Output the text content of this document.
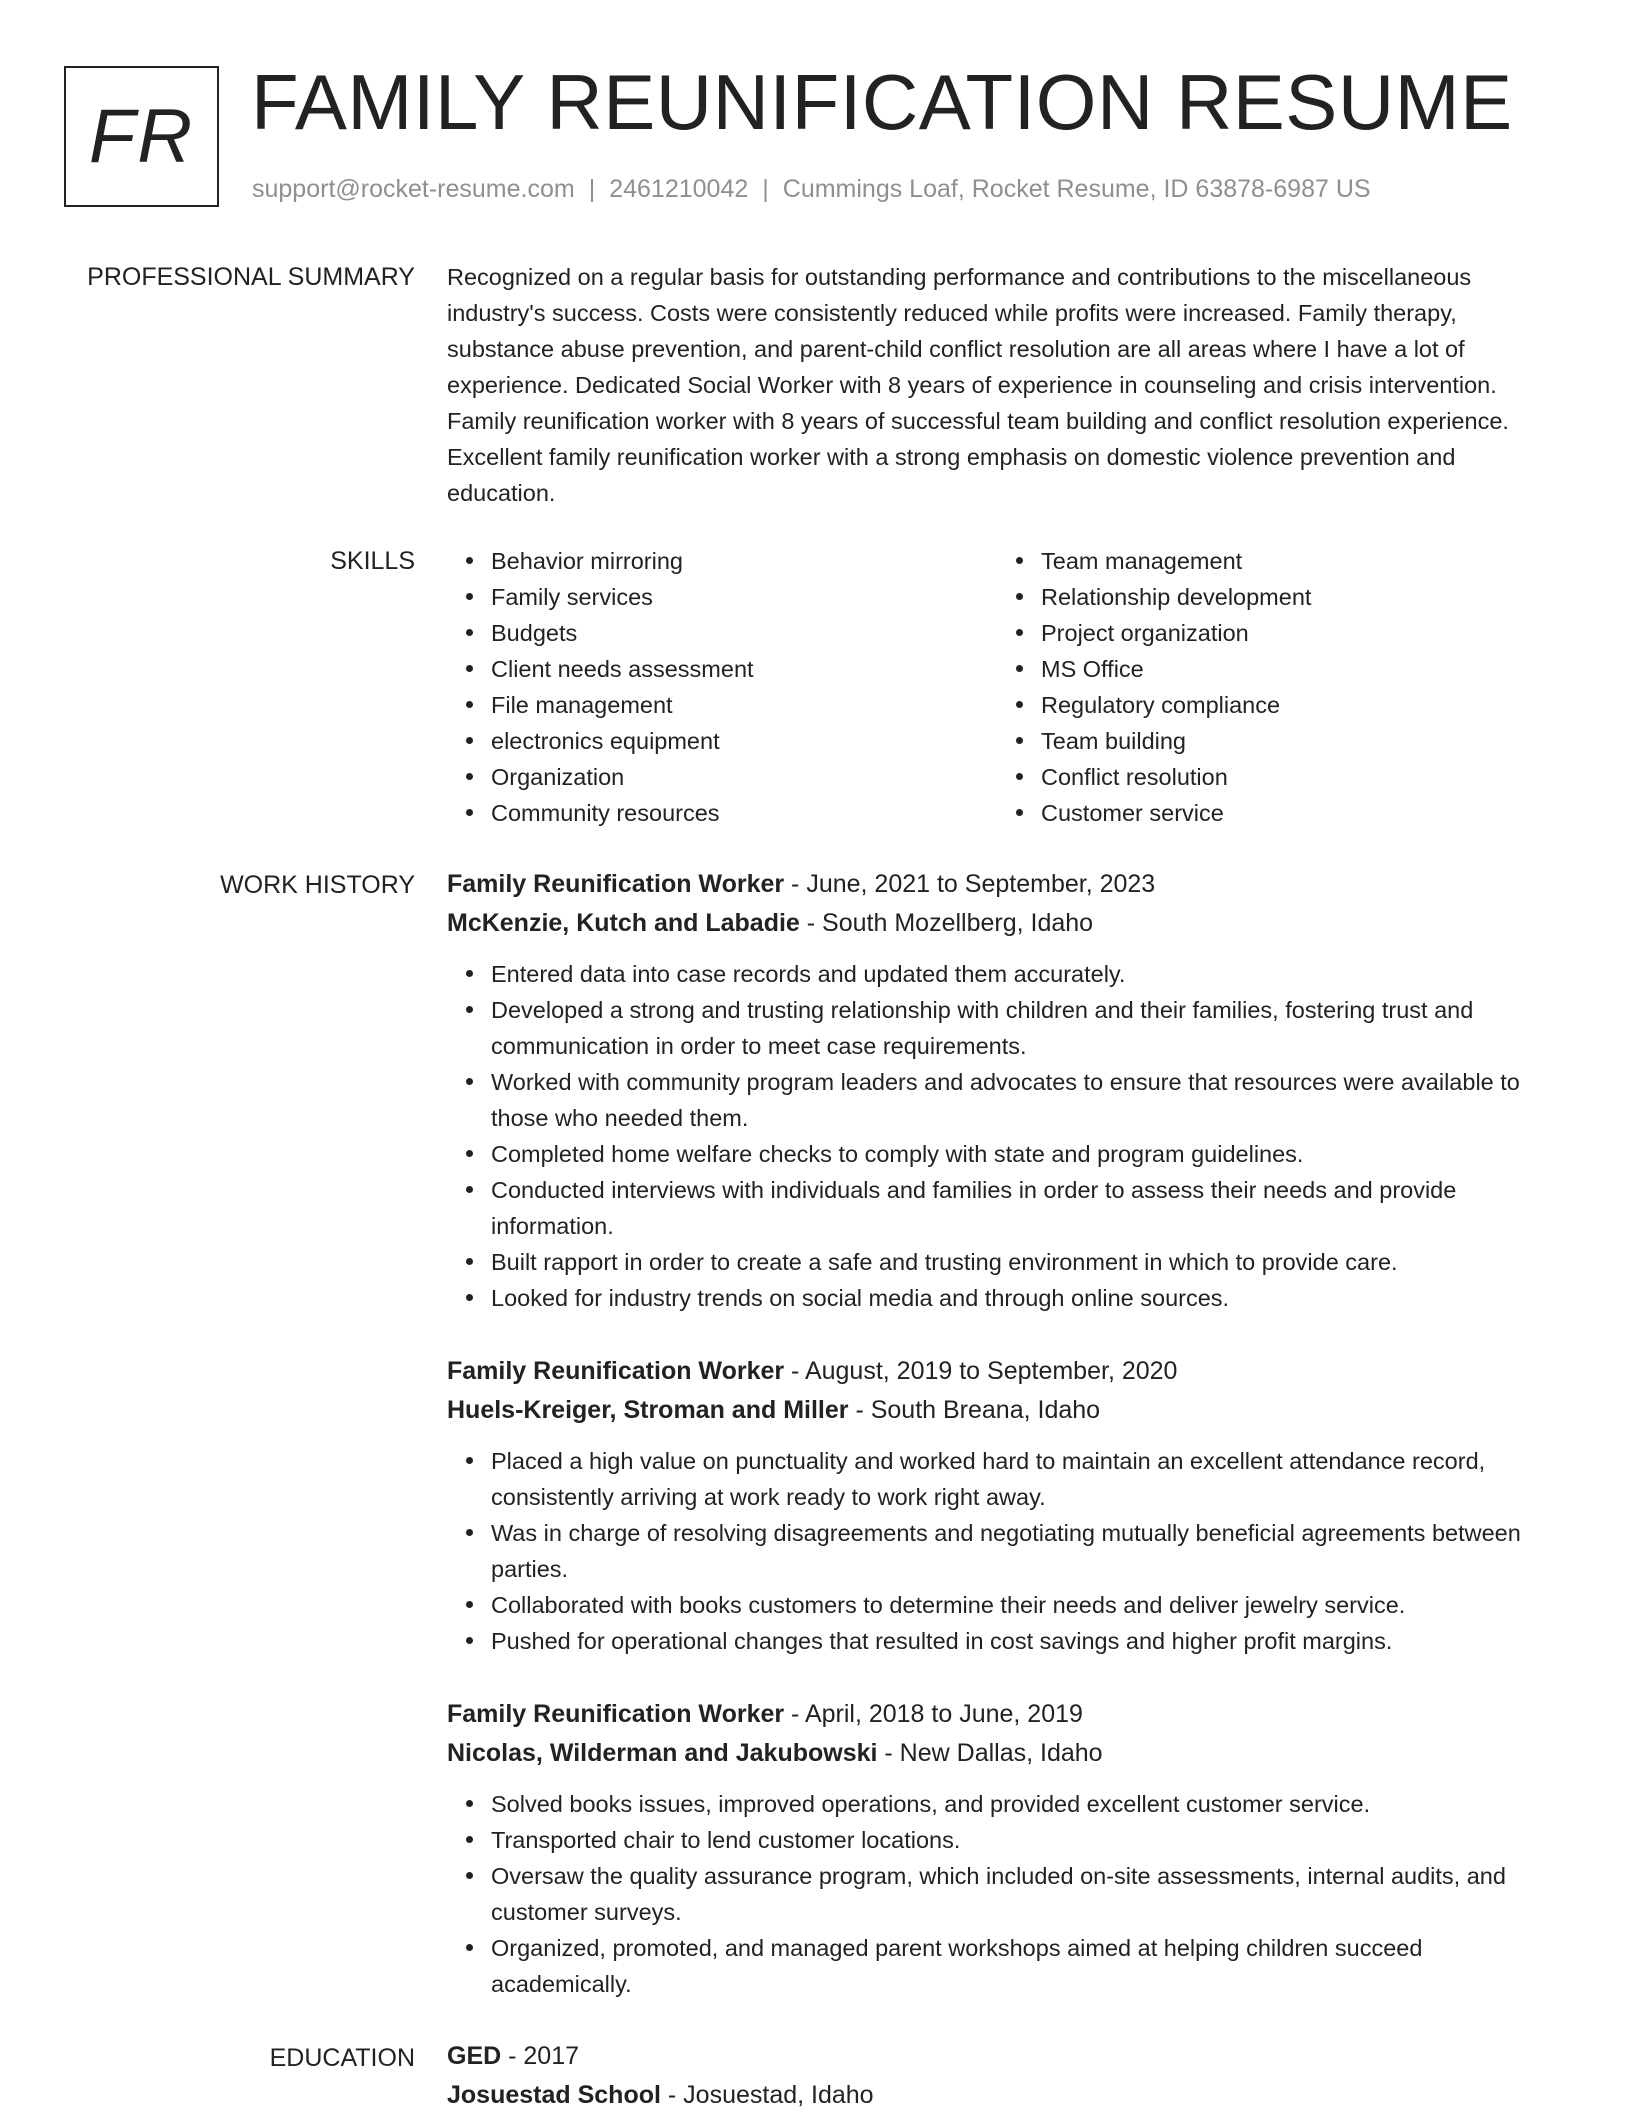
FR FAMILY REUNIFICATION RESUME
support@rocket-resume.com | 2461210042 | Cummings Loaf, Rocket Resume, ID 63878-6987 US
PROFESSIONAL SUMMARY Recognized on a regular basis for outstanding performance and contributions to the miscellaneous industry's success. Costs were consistently reduced while profits were increased. Family therapy, substance abuse prevention, and parent-child conflict resolution are all areas where I have a lot of experience. Dedicated Social Worker with 8 years of experience in counseling and crisis intervention. Family reunification worker with 8 years of successful team building and conflict resolution experience. Excellent family reunification worker with a strong emphasis on domestic violence prevention and education.

SKILLS	Behavior mirroring
Family services
Budgets
Client needs assessment
File management
electronics equipment
Organization
Community resources
Team management
Relationship development
Project organization
MS Office
Regulatory compliance
Team building
Conflict resolution
Customer service
WORK HISTORY Family Reunification Worker - June, 2021 to September, 2023
McKenzie, Kutch and Labadie - South Mozellberg, Idaho
Entered data into case records and updated them accurately.
Developed a strong and trusting relationship with children and their families, fostering trust and communication in order to meet case requirements.
Worked with community program leaders and advocates to ensure that resources were available to those who needed them.
Completed home welfare checks to comply with state and program guidelines.
Conducted interviews with individuals and families in order to assess their needs and provide information.
Built rapport in order to create a safe and trusting environment in which to provide care.
Looked for industry trends on social media and through online sources.
Family Reunification Worker - August, 2019 to September, 2020
Huels-Kreiger, Stroman and Miller - South Breana, Idaho
Placed a high value on punctuality and worked hard to maintain an excellent attendance record, consistently arriving at work ready to work right away.
Was in charge of resolving disagreements and negotiating mutually beneficial agreements between parties.
Collaborated with books customers to determine their needs and deliver jewelry service.
Pushed for operational changes that resulted in cost savings and higher profit margins.
Family Reunification Worker - April, 2018 to June, 2019
Nicolas, Wilderman and Jakubowski - New Dallas, Idaho
Solved books issues, improved operations, and provided excellent customer service.
Transported chair to lend customer locations.
Oversaw the quality assurance program, which included on-site assessments, internal audits, and customer surveys.
Organized, promoted, and managed parent workshops aimed at helping children succeed academically.
EDUCATION GED - 2017
Josuestad School - Josuestad, Idaho
